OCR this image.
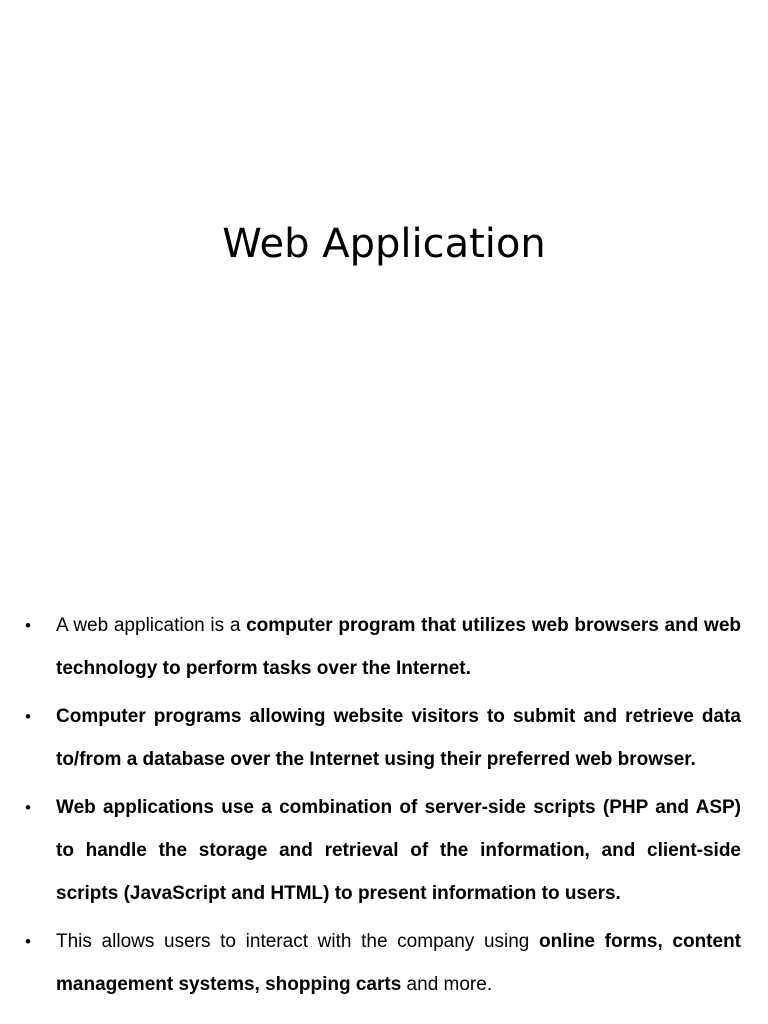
Web Application
• A web application is a computer program that utilizes web browsers and web technology to perform tasks over the Internet.
• Computer programs allowing website visitors to submit and retrieve data to/from a database over the Internet using their preferred web browser.
• Web applications use a combination of server-side scripts (PHP and ASP) to handle the storage and retrieval of the information, and client-side scripts (JavaScript and HTML) to present information to users.
• This allows users to interact with the company using online forms, content management systems, shopping carts and more.
